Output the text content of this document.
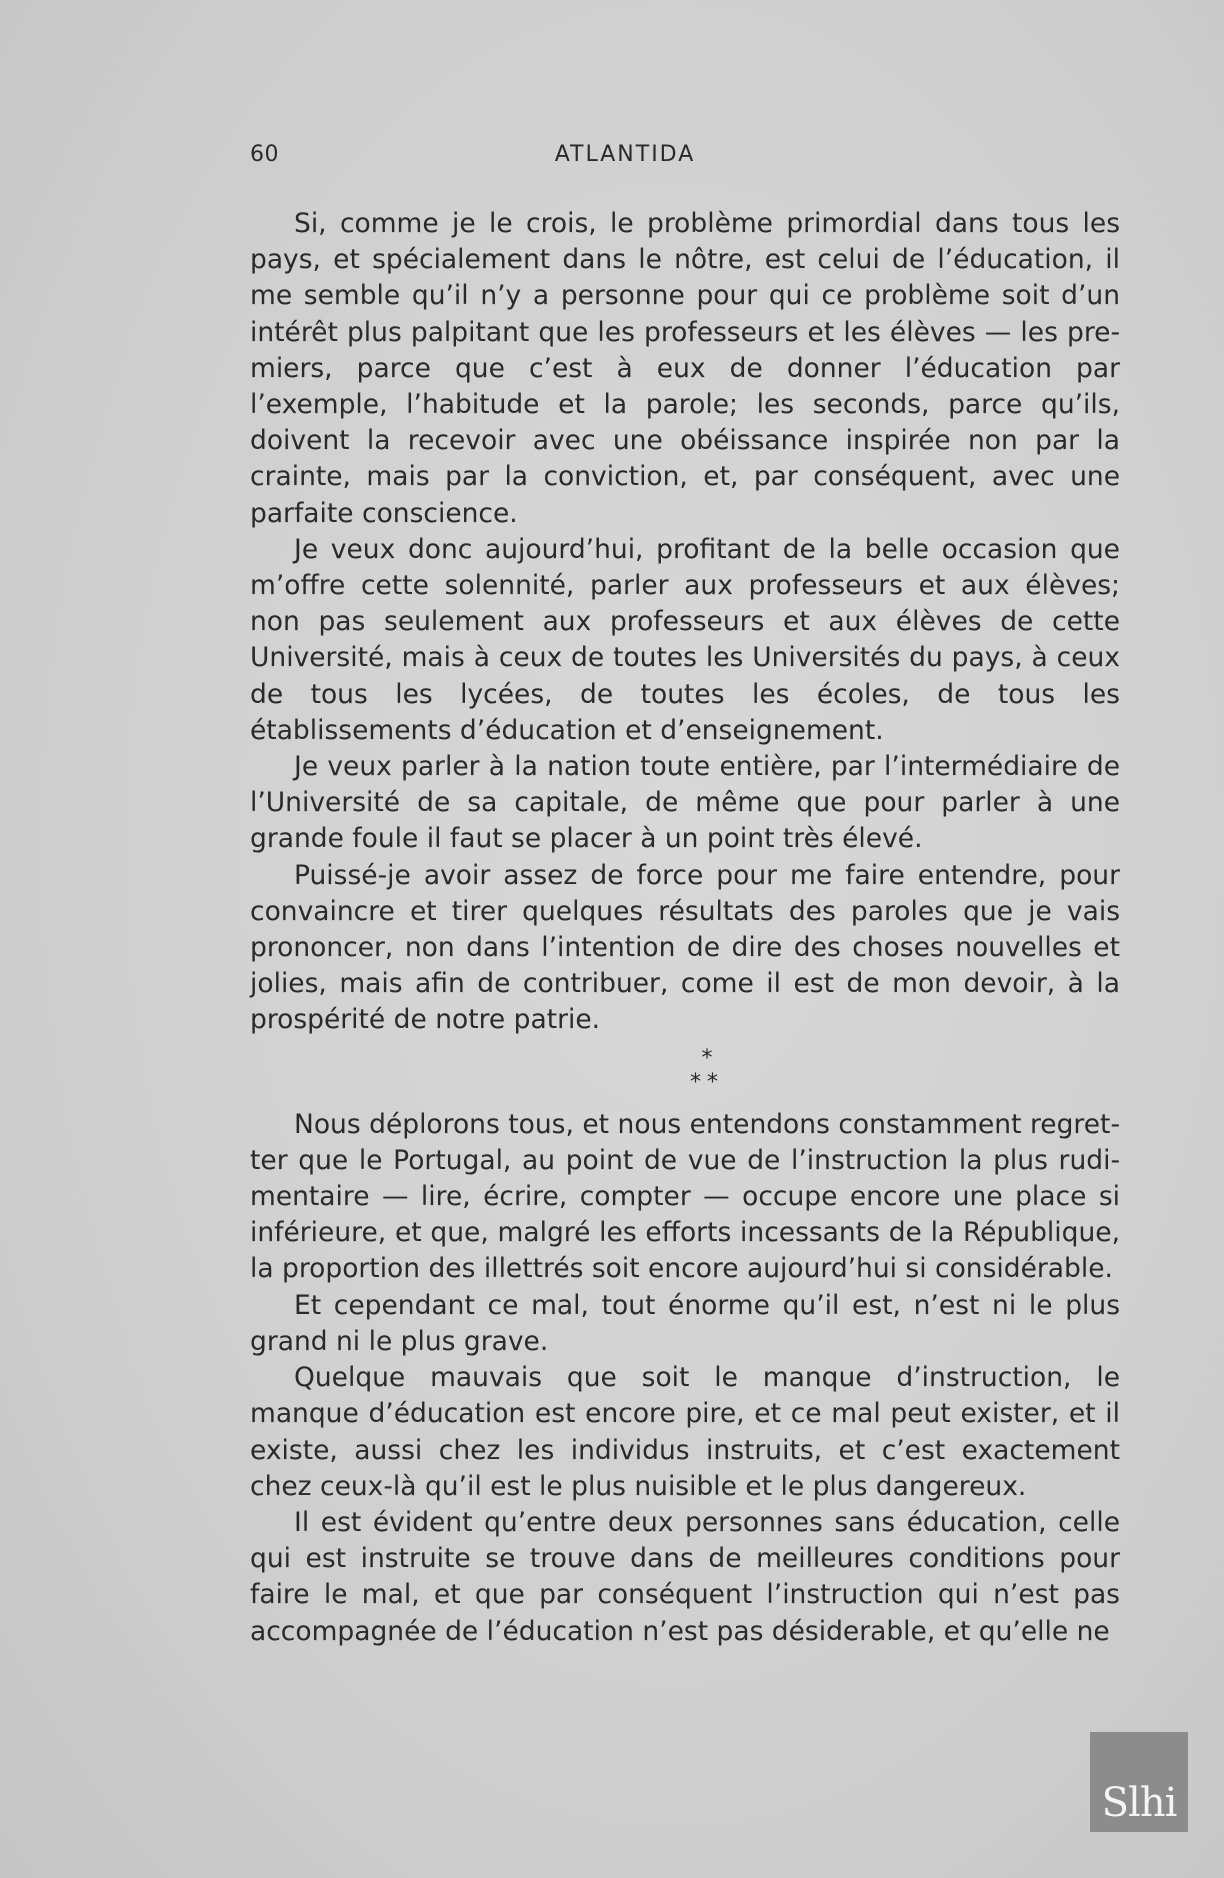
60	ATLANTIDA

Si, comme je le crois, le problème primordial dans tous les pays, et spécialement dans le nôtre, est celui de l’éducation, il me semble qu’il n’y a personne pour qui ce problème soit d’un intérêt plus palpitant que les professeurs et les élèves — les premiers, parce que c’est à eux de donner l’éducation par l’exemple, l’habitude et la parole; les seconds, parce qu’ils, doivent la recevoir avec une obéissance inspirée non par la crainte, mais par la conviction, et, par conséquent, avec une parfaite conscience.

Je veux donc aujourd’hui, profitant de la belle occasion que m’offre cette solennité, parler aux professeurs et aux élèves; non pas seulement aux professeurs et aux élèves de cette Université, mais à ceux de toutes les Universités du pays, à ceux de tous les lycées, de toutes les écoles, de tous les établissements d’éducation et d’enseignement.

Je veux parler à la nation toute entière, par l’intermédiaire de l’Université de sa capitale, de même que pour parler à une grande foule il faut se placer à un point très élevé.

Puissé-je avoir assez de force pour me faire entendre, pour convaincre et tirer quelques résultats des paroles que je vais prononcer, non dans l’intention de dire des choses nouvelles et jolies, mais afin de contribuer, come il est de mon devoir, à la prospérité de notre patrie.

*
**

Nous déplorons tous, et nous entendons constamment regretter que le Portugal, au point de vue de l’instruction la plus rudimentaire — lire, écrire, compter — occupe encore une place si inférieure, et que, malgré les efforts incessants de la République, la proportion des illettrés soit encore aujourd’hui si considérable.

Et cependant ce mal, tout énorme qu’il est, n’est ni le plus grand ni le plus grave.

Quelque mauvais que soit le manque d’instruction, le manque d’éducation est encore pire, et ce mal peut exister, et il existe, aussi chez les individus instruits, et c’est exactement chez ceux-là qu’il est le plus nuisible et le plus dangereux.

Il est évident qu’entre deux personnes sans éducation, celle qui est instruite se trouve dans de meilleures conditions pour faire le mal, et que par conséquent l’instruction qui n’est pas accompagnée de l’éducation n’est pas désiderable, et qu’elle ne

Slhi
